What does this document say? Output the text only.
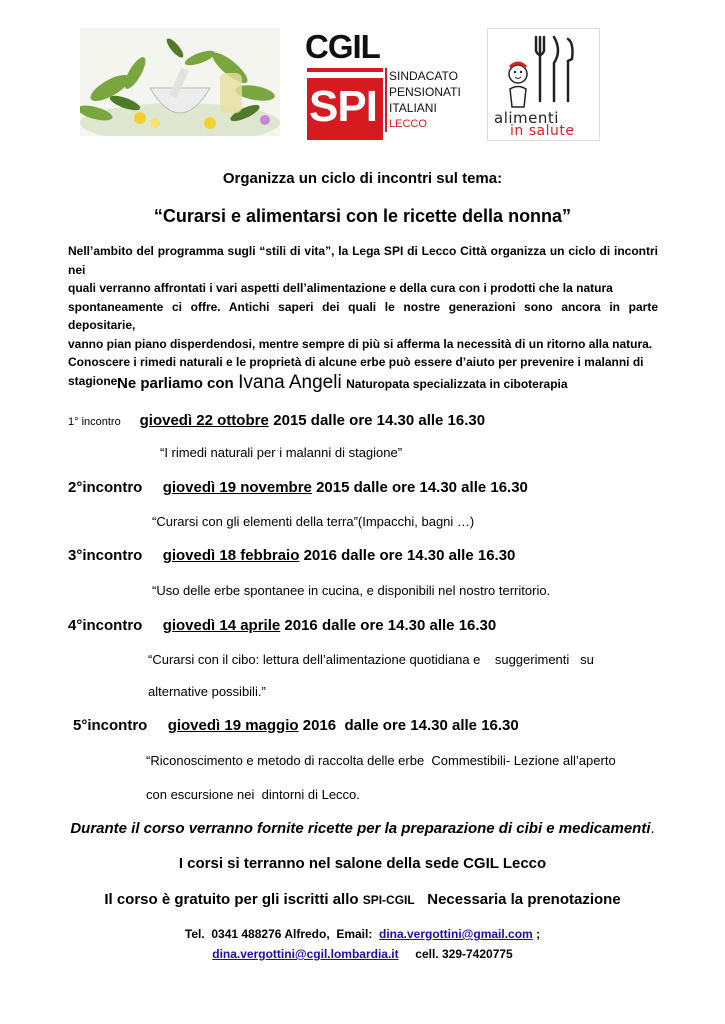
CGIL
SPI
SINDACATO
PENSIONATI
ITALIANI
LECCO	alimenti
in salute
Organizza un ciclo di incontri sul tema:
“Curarsi e alimentarsi con le ricette della nonna”
Nell’ambito del programma sugli “stili di vita”, la Lega SPI di Lecco Città organizza un ciclo di incontri nei
quali verranno affrontati i vari aspetti dell’alimentazione e della cura con i prodotti che la natura
spontaneamente ci offre. Antichi saperi dei quali le nostre generazioni sono ancora in parte depositarie,
vanno pian piano disperdendosi, mentre sempre di più si afferma la necessità di un ritorno alla natura.
Conoscere i rimedi naturali e le proprietà di alcune erbe può essere d’aiuto per prevenire i malanni di
stagione.
Ne parliamo con Ivana Angeli Naturopata specializzata in ciboterapia
1° incontro giovedì 22 ottobre 2015 dalle ore 14.30 alle 16.30
“I rimedi naturali per i malanni di stagione”
2°incontro giovedì 19 novembre 2015 dalle ore 14.30 alle 16.30
“Curarsi con gli elementi della terra”(Impacchi, bagni …)
3°incontro giovedì 18 febbraio 2016 dalle ore 14.30 alle 16.30
“Uso delle erbe spontanee in cucina, e disponibili nel nostro territorio.
4°incontro giovedì 14 aprile 2016 dalle ore 14.30 alle 16.30
“Curarsi con il cibo: lettura dell’alimentazione quotidiana e    suggerimenti   su
alternative possibili.”
5°incontro giovedì 19 maggio 2016  dalle ore 14.30 alle 16.30
“Riconoscimento e metodo di raccolta delle erbe  Commestibili- Lezione all’aperto
con escursione nei  dintorni di Lecco.
Durante il corso verranno fornite ricette per la preparazione di cibi e medicamenti.
I corsi si terranno nel salone della sede CGIL Lecco
Il corso è gratuito per gli iscritti allo SPI-CGIL   Necessaria la prenotazione
Tel.  0341 488276 Alfredo,  Email:  dina.vergottini@gmail.com ;
dina.vergottini@cgil.lombardia.it     cell. 329-7420775
